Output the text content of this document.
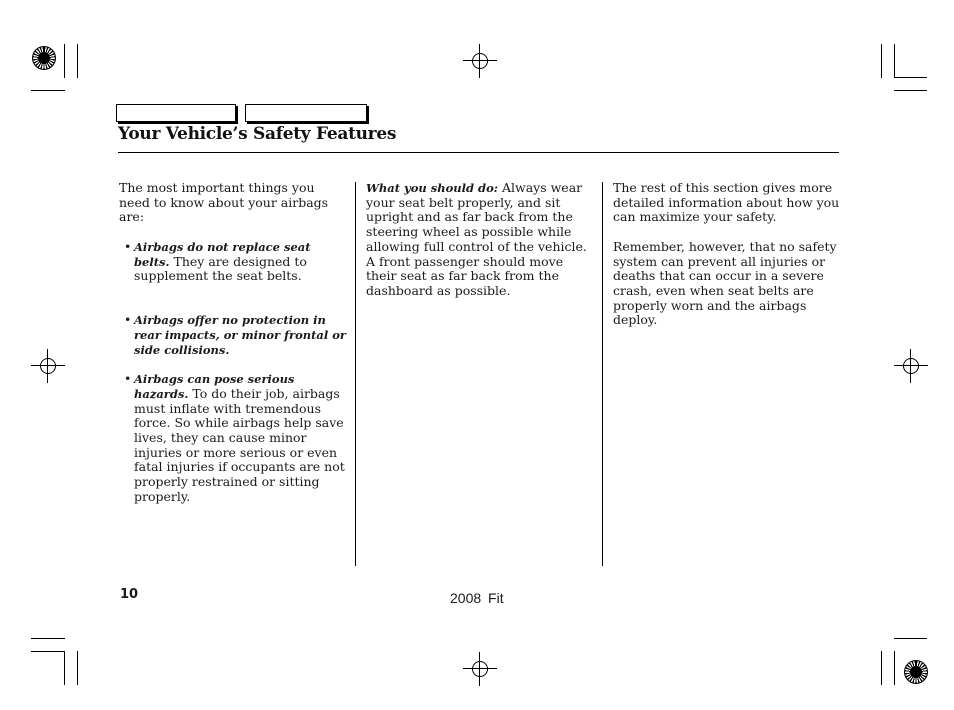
Your Vehicle’s Safety Features

The most important things you need to know about your airbags are:

• Airbags do not replace seat belts. They are designed to supplement the seat belts.
• Airbags offer no protection in rear impacts, or minor frontal or side collisions.
• Airbags can pose serious hazards. To do their job, airbags must inflate with tremendous force. So while airbags help save lives, they can cause minor injuries or more serious or even fatal injuries if occupants are not properly restrained or sitting properly.

What you should do: Always wear your seat belt properly, and sit upright and as far back from the steering wheel as possible while allowing full control of the vehicle. A front passenger should move their seat as far back from the dashboard as possible.

The rest of this section gives more detailed information about how you can maximize your safety.

Remember, however, that no safety system can prevent all injuries or deaths that can occur in a severe crash, even when seat belts are properly worn and the airbags deploy.

10	2008 Fit
